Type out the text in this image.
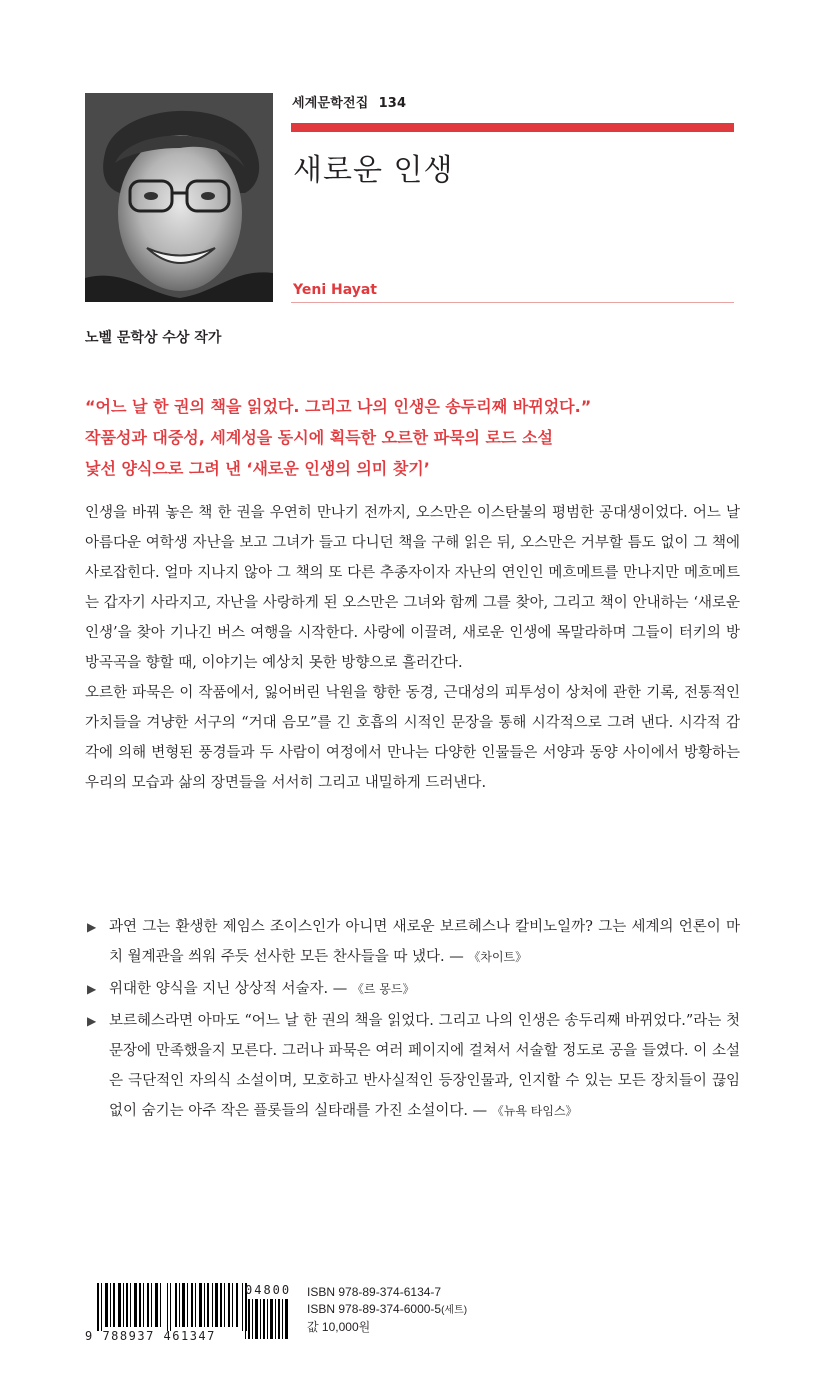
세계문학전집 134
새로운 인생
Yeni Hayat
노벨 문학상 수상 작가
“어느 날 한 권의 책을 읽었다. 그리고 나의 인생은 송두리째 바뀌었다.”
작품성과 대중성, 세계성을 동시에 획득한 오르한 파묵의 로드 소설
낯선 양식으로 그려 낸 ‘새로운 인생의 의미 찾기’

인생을 바꿔 놓은 책 한 권을 우연히 만나기 전까지, 오스만은 이스탄불의 평범한 공대생이었다. 어느 날 아름다운 여학생 자난을 보고 그녀가 들고 다니던 책을 구해 읽은 뒤, 오스만은 거부할 틈도 없이 그 책에 사로잡힌다. 얼마 지나지 않아 그 책의 또 다른 추종자이자 자난의 연인인 메흐메트를 만나지만 메흐메트는 갑자기 사라지고, 자난을 사랑하게 된 오스만은 그녀와 함께 그를 찾아, 그리고 책이 안내하는 ‘새로운 인생’을 찾아 기나긴 버스 여행을 시작한다. 사랑에 이끌려, 새로운 인생에 목말라하며 그들이 터키의 방방곡곡을 향할 때, 이야기는 예상치 못한 방향으로 흘러간다.

오르한 파묵은 이 작품에서, 잃어버린 낙원을 향한 동경, 근대성의 피투성이 상처에 관한 기록, 전통적인 가치들을 겨냥한 서구의 “거대 음모”를 긴 호흡의 시적인 문장을 통해 시각적으로 그려 낸다. 시각적 감각에 의해 변형된 풍경들과 두 사람이 여정에서 만나는 다양한 인물들은 서양과 동양 사이에서 방황하는 우리의 모습과 삶의 장면들을 서서히 그리고 내밀하게 드러낸다.

▶ 과연 그는 환생한 제임스 조이스인가 아니면 새로운 보르헤스나 칼비노일까? 그는 세계의 언론이 마치 월계관을 씌워 주듯 선사한 모든 찬사들을 따 냈다. — 《차이트》
▶ 위대한 양식을 지닌 상상적 서술자. — 《르 몽드》
▶ 보르헤스라면 아마도 “어느 날 한 권의 책을 읽었다. 그리고 나의 인생은 송두리째 바뀌었다.”라는 첫 문장에 만족했을지 모른다. 그러나 파묵은 여러 페이지에 걸쳐서 서술할 정도로 공을 들였다. 이 소설은 극단적인 자의식 소설이며, 모호하고 반사실적인 등장인물과, 인지할 수 있는 모든 장치들이 끊임없이 숨기는 아주 작은 플롯들의 실타래를 가진 소설이다. — 《뉴욕 타임스》
04800
9 788937 461347
ISBN 978-89-374-6134-7
ISBN 978-89-374-6000-5(세트)
값 10,000원
